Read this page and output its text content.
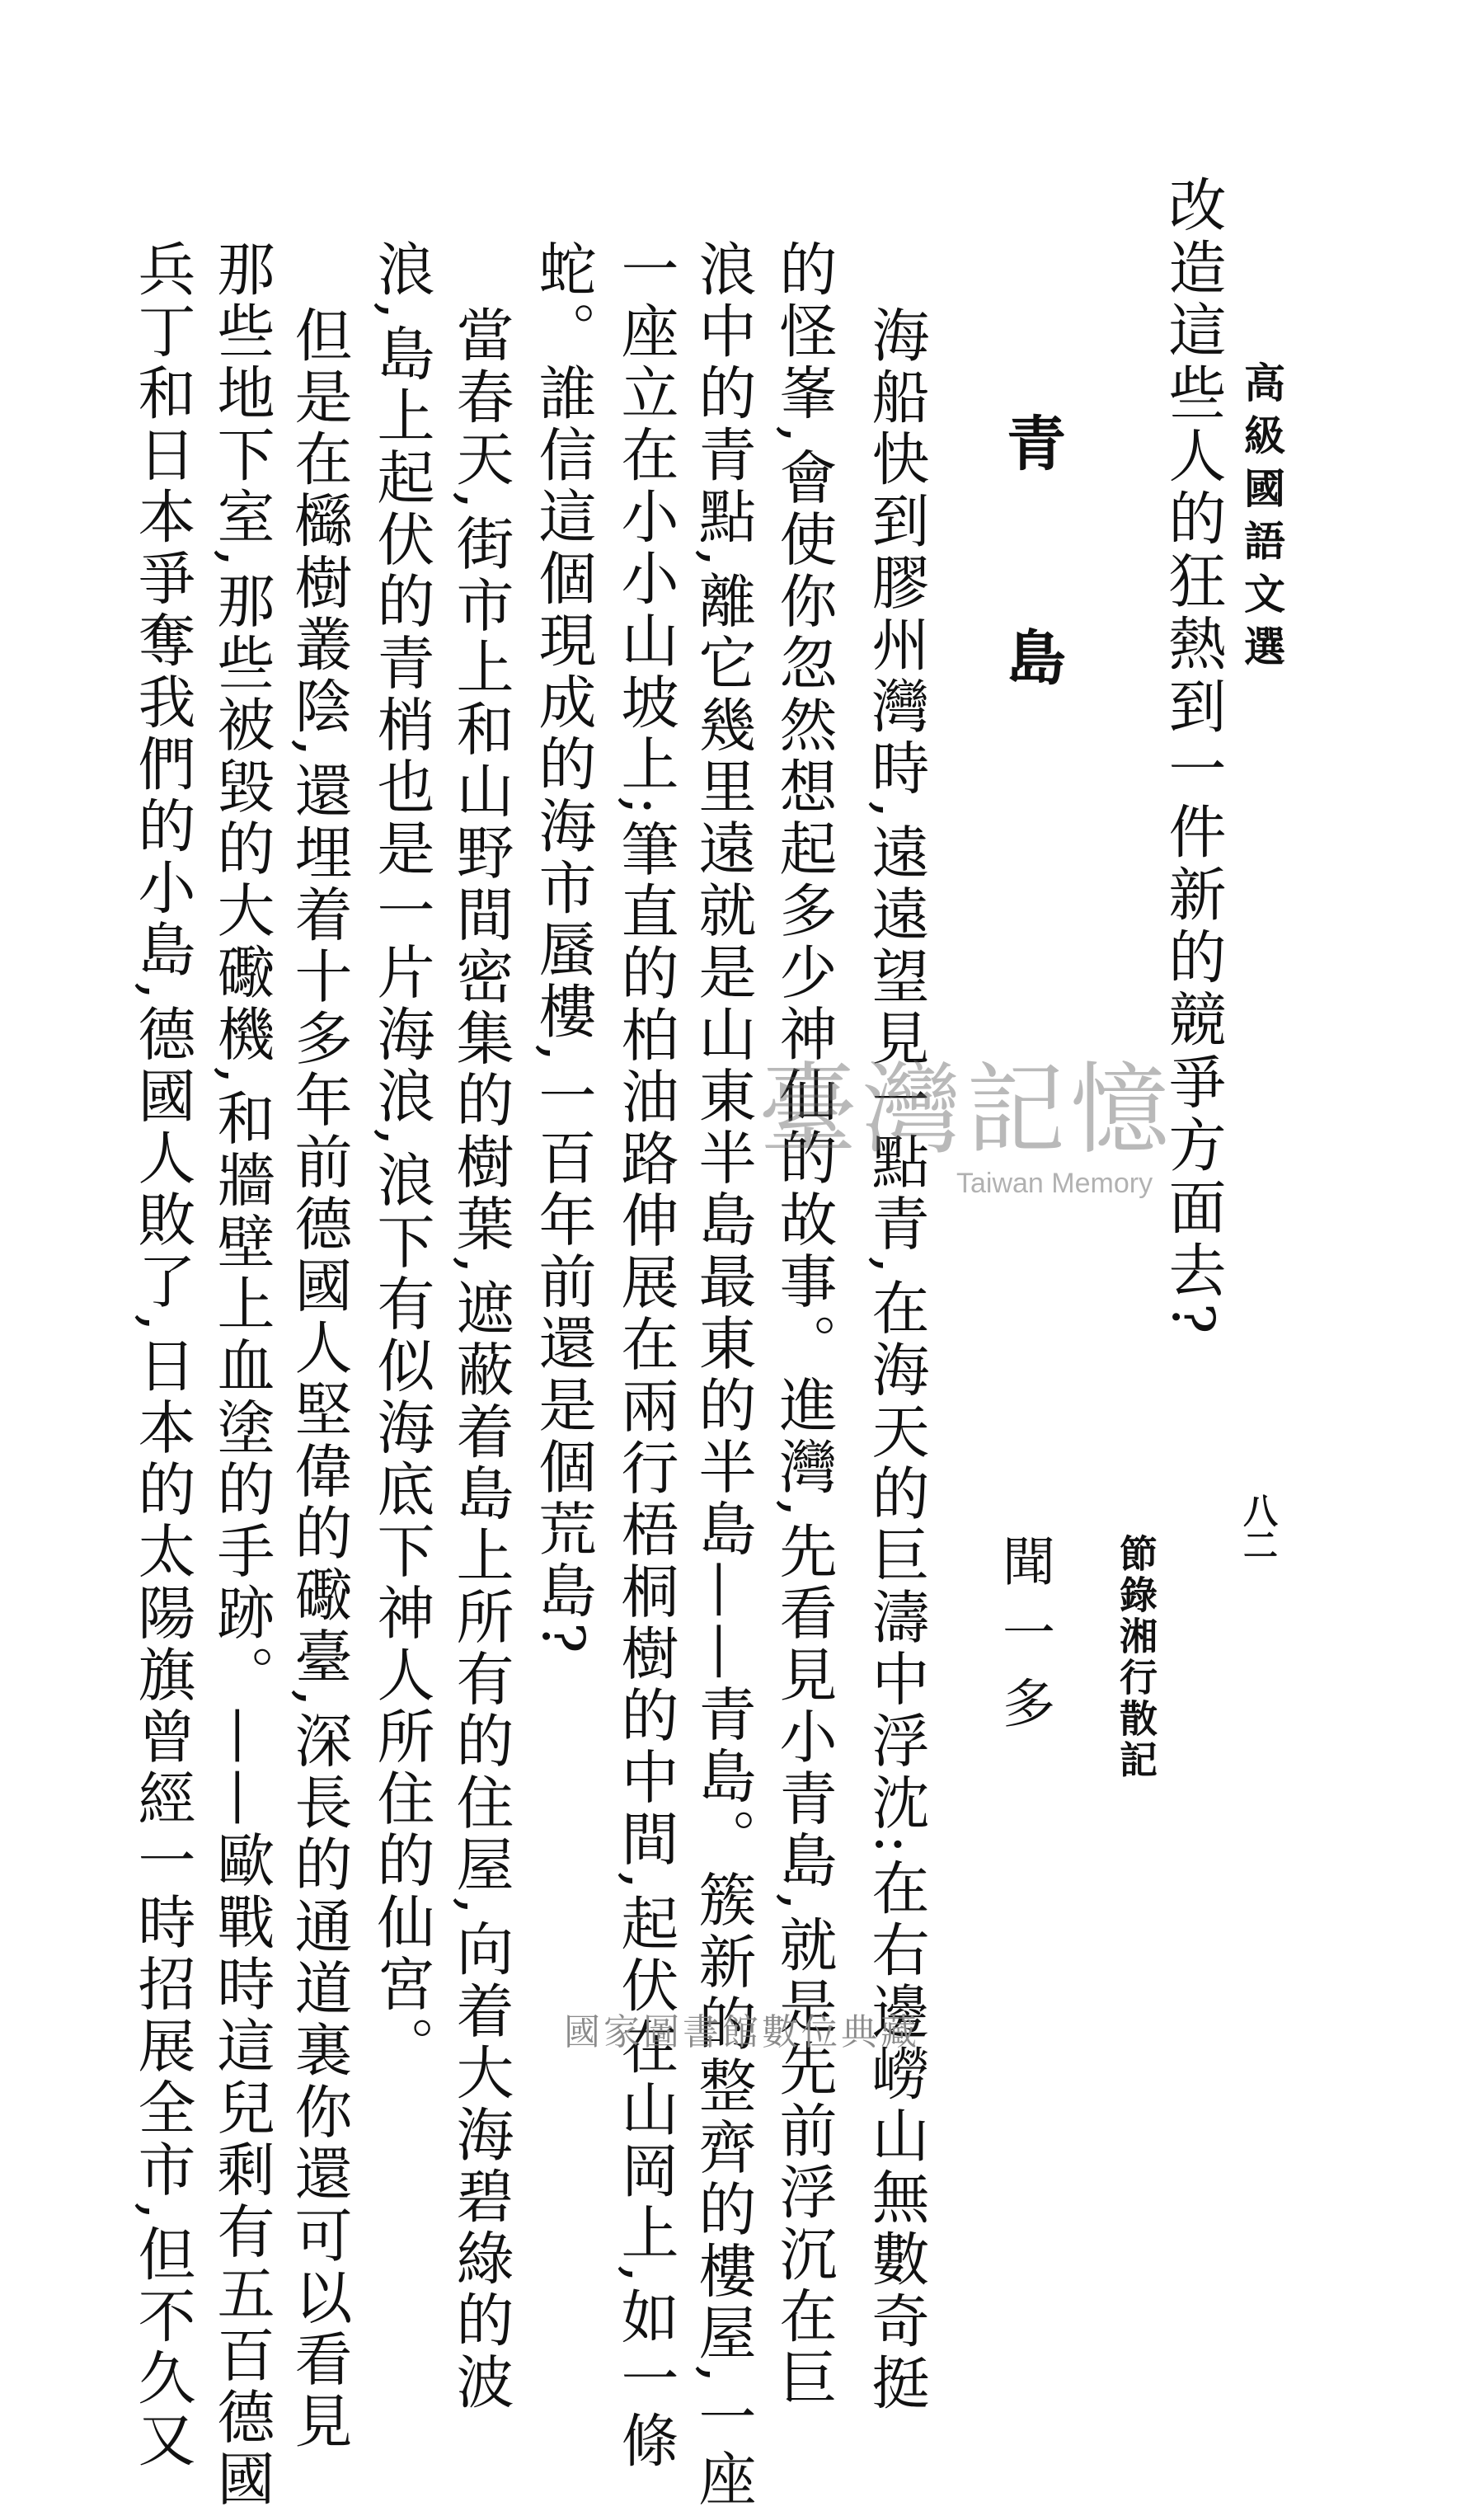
高級國語文選
八二
改造這些人的狂熱到一件新的競爭方面去?
青
島
節錄湘行散記
聞一多
海船快到膠州灣時,遠遠望見一點青,在海天的巨濤中浮沈:在右邊嶗山無數奇挺
的怪峯,會使你忽然想起多少神仙的故事。進灣,先看見小青島,就是先前浮沉在巨
浪中的青點,離它幾里遠就是山東半島最東的半島——青島。簇新的整齊的樓屋,一座
一座立在小小山坡上;筆直的柏油路伸展在兩行梧桐樹的中間,起伏在山岡上,如一條
蛇。誰信這個現成的海市蜃樓,一百年前還是個荒島?
當春天,街市上和山野間密集的樹葉,遮蔽着島上所有的住屋,向着大海碧綠的波
浪,島上起伏的青梢也是一片海浪,浪下有似海底下神人所住的仙宮。
但是在櫾樹叢陰,還埋着十多年前德國人堅偉的礮臺,深長的通道裏你還可以看見
那些地下室,那些被毀的大礮機,和牆壁上血塗的手跡。——歐戰時這兒剩有五百德國
兵丁和日本爭奪我們的小島,德國人敗了,日本的太陽旗曾經一時招展全市,但不久又	臺灣記憶
Taiwan Memory
國家圖書館數位典藏
